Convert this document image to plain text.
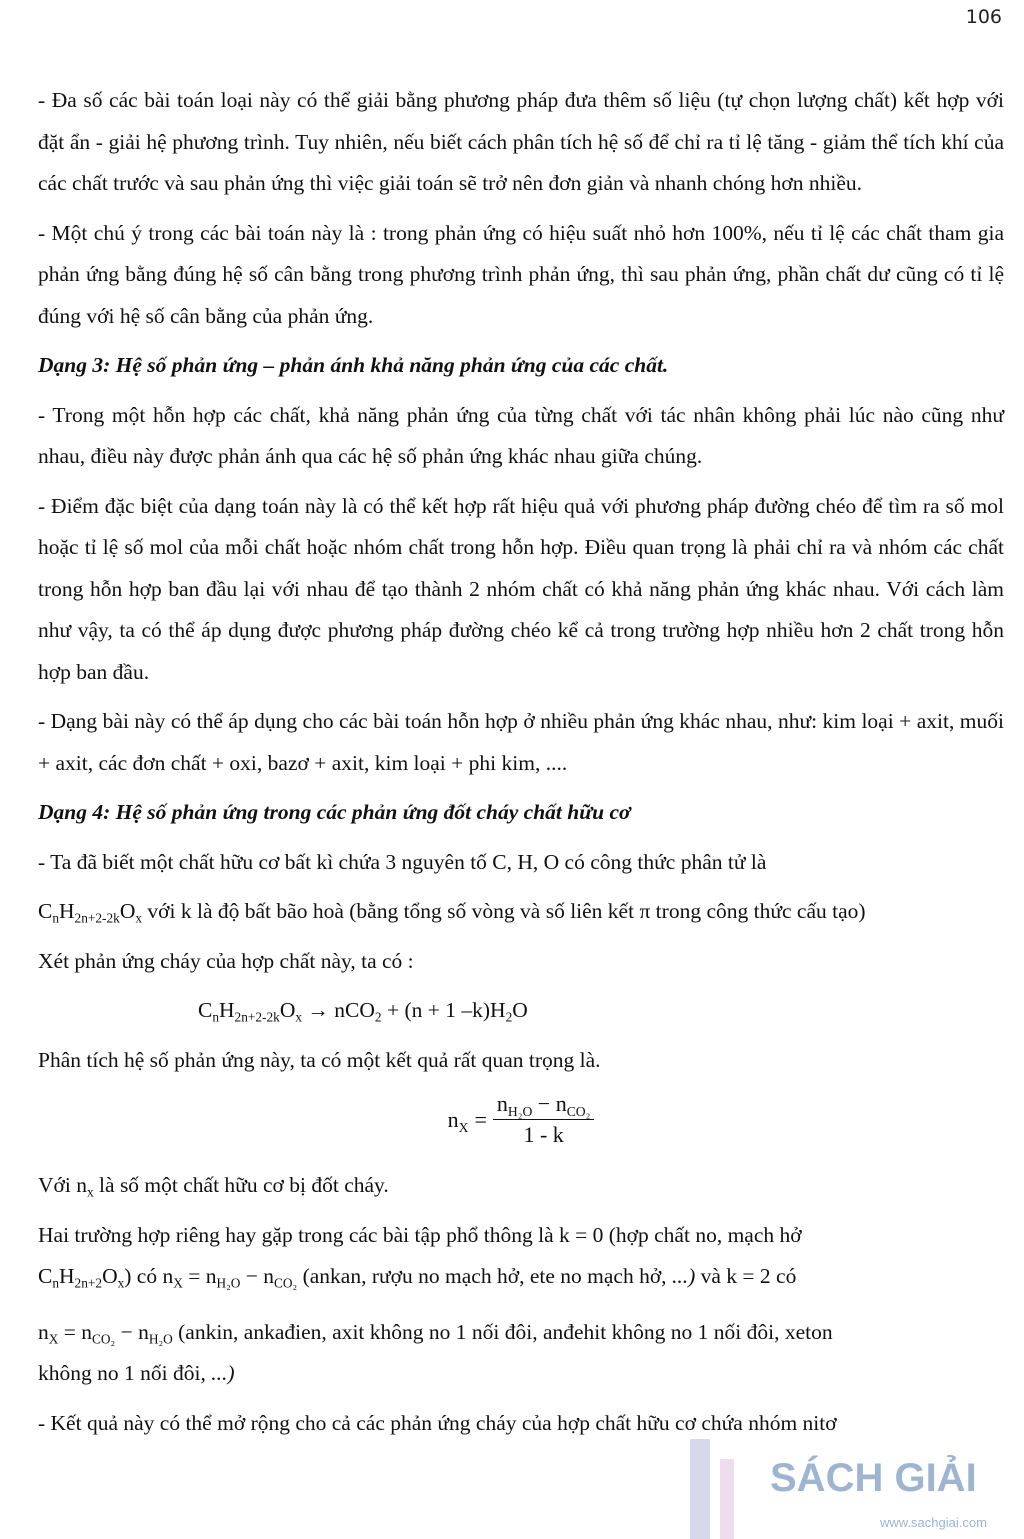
106

- Đa số các bài toán loại này có thể giải bằng phương pháp đưa thêm số liệu (tự chọn lượng chất) kết hợp với đặt ẩn - giải hệ phương trình. Tuy nhiên, nếu biết cách phân tích hệ số để chỉ ra tỉ lệ tăng - giảm thể tích khí của các chất trước và sau phản ứng thì việc giải toán sẽ trở nên đơn giản và nhanh chóng hơn nhiều.

- Một chú ý trong các bài toán này là : trong phản ứng có hiệu suất nhỏ hơn 100%, nếu tỉ lệ các chất tham gia phản ứng bằng đúng hệ số cân bằng trong phương trình phản ứng, thì sau phản ứng, phần chất dư cũng có tỉ lệ đúng với hệ số cân bằng của phản ứng.

Dạng 3: Hệ số phản ứng – phản ánh khả năng phản ứng của các chất.

- Trong một hỗn hợp các chất, khả năng phản ứng của từng chất với tác nhân không phải lúc nào cũng như nhau, điều này được phản ánh qua các hệ số phản ứng khác nhau giữa chúng.

- Điểm đặc biệt của dạng toán này là có thể kết hợp rất hiệu quả với phương pháp đường chéo để tìm ra số mol hoặc tỉ lệ số mol của mỗi chất hoặc nhóm chất trong hỗn hợp. Điều quan trọng là phải chỉ ra và nhóm các chất trong hỗn hợp ban đầu lại với nhau để tạo thành 2 nhóm chất có khả năng phản ứng khác nhau. Với cách làm như vậy, ta có thể áp dụng được phương pháp đường chéo kể cả trong trường hợp nhiều hơn 2 chất trong hỗn hợp ban đầu.

- Dạng bài này có thể áp dụng cho các bài toán hỗn hợp ở nhiều phản ứng khác nhau, như: kim loại + axit, muối + axit, các đơn chất + oxi, bazơ + axit, kim loại + phi kim, ....

Dạng 4: Hệ số phản ứng trong các phản ứng đốt cháy chất hữu cơ

- Ta đã biết một chất hữu cơ bất kì chứa 3 nguyên tố C, H, O có công thức phân tử là

$C_nH_{2n+2-2k}O_x$ với k là độ bất bão hoà (bằng tổng số vòng và số liên kết π trong công thức cấu tạo)

Xét phản ứng cháy của hợp chất này, ta có :

$C_nH_{2n+2-2k}O_x \to nCO_2 + (n + 1$ $-k)H_2O$

Phân tích hệ số phản ứng này, ta có một kết quả rất quan trọng là.

$n_X = \frac{n_{H_2O} - n_{CO_2}}{1 - k}$

Với $n_x$ là số một chất hữu cơ bị đốt cháy.

Hai trường hợp riêng hay gặp trong các bài tập phổ thông là k = 0 (hợp chất no, mạch hở
$C_nH_{2n+2}O_x$) có $n_X = n_{H_2O} - n_{CO_2}$ (ankan, rượu no mạch hở, ete no mạch hở, ...) và k = 2 có

$n_X = n_{CO_2} - n_{H_2O}$ (ankin, ankađien, axit không no 1 nối đôi, anđehit không no 1 nối đôi, xeton
không no 1 nối đôi, ...)

- Kết quả này có thể mở rộng cho cả các phản ứng cháy của hợp chất hữu cơ chứa nhóm nitơ

SÁCH GIẢI
www.sachgiai.com
